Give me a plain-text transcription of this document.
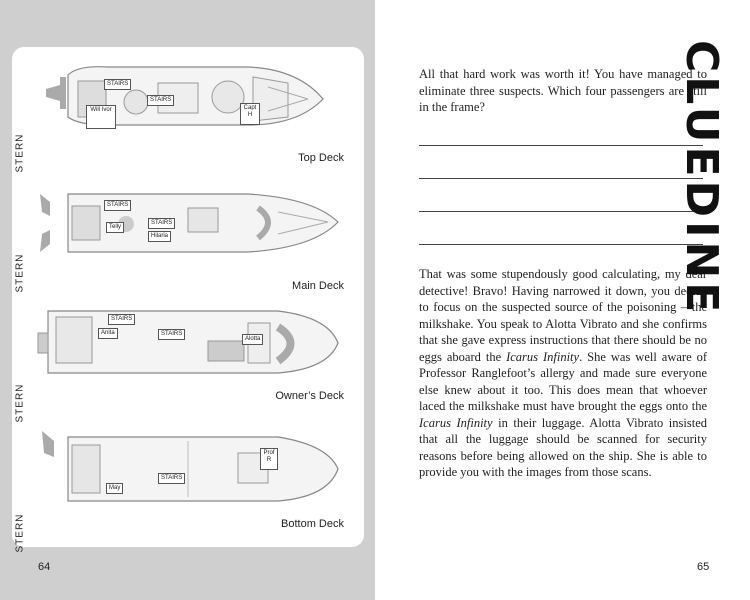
STAIRS
STAIRS
Will Ivor	Capt H
STERN	Top Deck
STAIRS
STAIRS
Telly
Hilaria
STERN	Main Deck
STAIRS
STAIRS
Anita
Alotta
STERN	Owner’s Deck
STAIRS
May
Prof R
STERN	Bottom Deck
64
All that hard work was worth it! You have managed to eliminate three suspects. Which four passengers are still in the frame?
That was some stupendously good calculating, my dear detective! Bravo! Having narrowed it down, you decide to focus on the suspected source of the poisoning – the milkshake. You speak to Alotta Vibrato and she confirms that she gave express instructions that there should be no eggs aboard the Icarus Infinity. She was well aware of Professor Ranglefoot’s allergy and made sure everyone else knew about it too. This does mean that whoever laced the milkshake must have brought the eggs onto the Icarus Infinity in their luggage. Alotta Vibrato insisted that all the luggage should be scanned for security reasons before being allowed on the ship. She is able to provide you with the images from those scans.
65
CLUEDINE
